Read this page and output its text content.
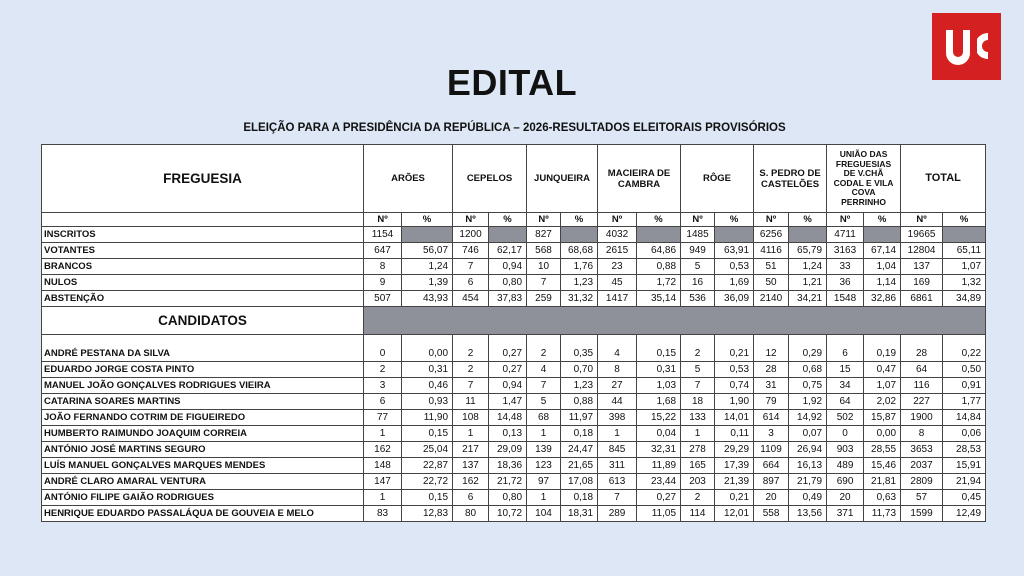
EDITAL
ELEIÇÃO PARA A PRESIDÊNCIA DA REPÚBLICA – 2026-RESULTADOS ELEITORAIS PROVISÓRIOS
FREGUESIA	ARÕES		CEPELOS		JUNQUEIRA		MACIEIRA DE CAMBRA		RÔGE		S. PEDRO DE CASTELÕES		UNIÃO DAS FREGUESIAS DE V.CHÃ CODAL E VILA COVA PERRINHO		TOTAL	
	Nº	%	Nº	%	Nº	%	Nº	%	Nº	%	Nº	%	Nº	%	Nº	%
INSCRITOS	1154		1200		827		4032		1485		6256		4711		19665	
VOTANTES	647	56,07	746	62,17	568	68,68	2615	64,86	949	63,91	4116	65,79	3163	67,14	12804	65,11
BRANCOS	8	1,24	7	0,94	10	1,76	23	0,88	5	0,53	51	1,24	33	1,04	137	1,07
NULOS	9	1,39	6	0,80	7	1,23	45	1,72	16	1,69	50	1,21	36	1,14	169	1,32
ABSTENÇÃO	507	43,93	454	37,83	259	31,32	1417	35,14	536	36,09	2140	34,21	1548	32,86	6861	34,89
CANDIDATOS																
ANDRÉ PESTANA DA SILVA	0	0,00	2	0,27	2	0,35	4	0,15	2	0,21	12	0,29	6	0,19	28	0,22
EDUARDO JORGE COSTA PINTO	2	0,31	2	0,27	4	0,70	8	0,31	5	0,53	28	0,68	15	0,47	64	0,50
MANUEL JOÃO GONÇALVES RODRIGUES VIEIRA	3	0,46	7	0,94	7	1,23	27	1,03	7	0,74	31	0,75	34	1,07	116	0,91
CATARINA SOARES MARTINS	6	0,93	11	1,47	5	0,88	44	1,68	18	1,90	79	1,92	64	2,02	227	1,77
JOÃO FERNANDO COTRIM DE FIGUEIREDO	77	11,90	108	14,48	68	11,97	398	15,22	133	14,01	614	14,92	502	15,87	1900	14,84
HUMBERTO RAIMUNDO JOAQUIM CORREIA	1	0,15	1	0,13	1	0,18	1	0,04	1	0,11	3	0,07	0	0,00	8	0,06
ANTÓNIO JOSÉ MARTINS SEGURO	162	25,04	217	29,09	139	24,47	845	32,31	278	29,29	1109	26,94	903	28,55	3653	28,53
LUÍS MANUEL GONÇALVES MARQUES MENDES	148	22,87	137	18,36	123	21,65	311	11,89	165	17,39	664	16,13	489	15,46	2037	15,91
ANDRÉ CLARO AMARAL VENTURA	147	22,72	162	21,72	97	17,08	613	23,44	203	21,39	897	21,79	690	21,81	2809	21,94
ANTÓNIO FILIPE GAIÃO RODRIGUES	1	0,15	6	0,80	1	0,18	7	0,27	2	0,21	20	0,49	20	0,63	57	0,45
HENRIQUE EDUARDO PASSALÁQUA DE GOUVEIA E MELO	83	12,83	80	10,72	104	18,31	289	11,05	114	12,01	558	13,56	371	11,73	1599	12,49
